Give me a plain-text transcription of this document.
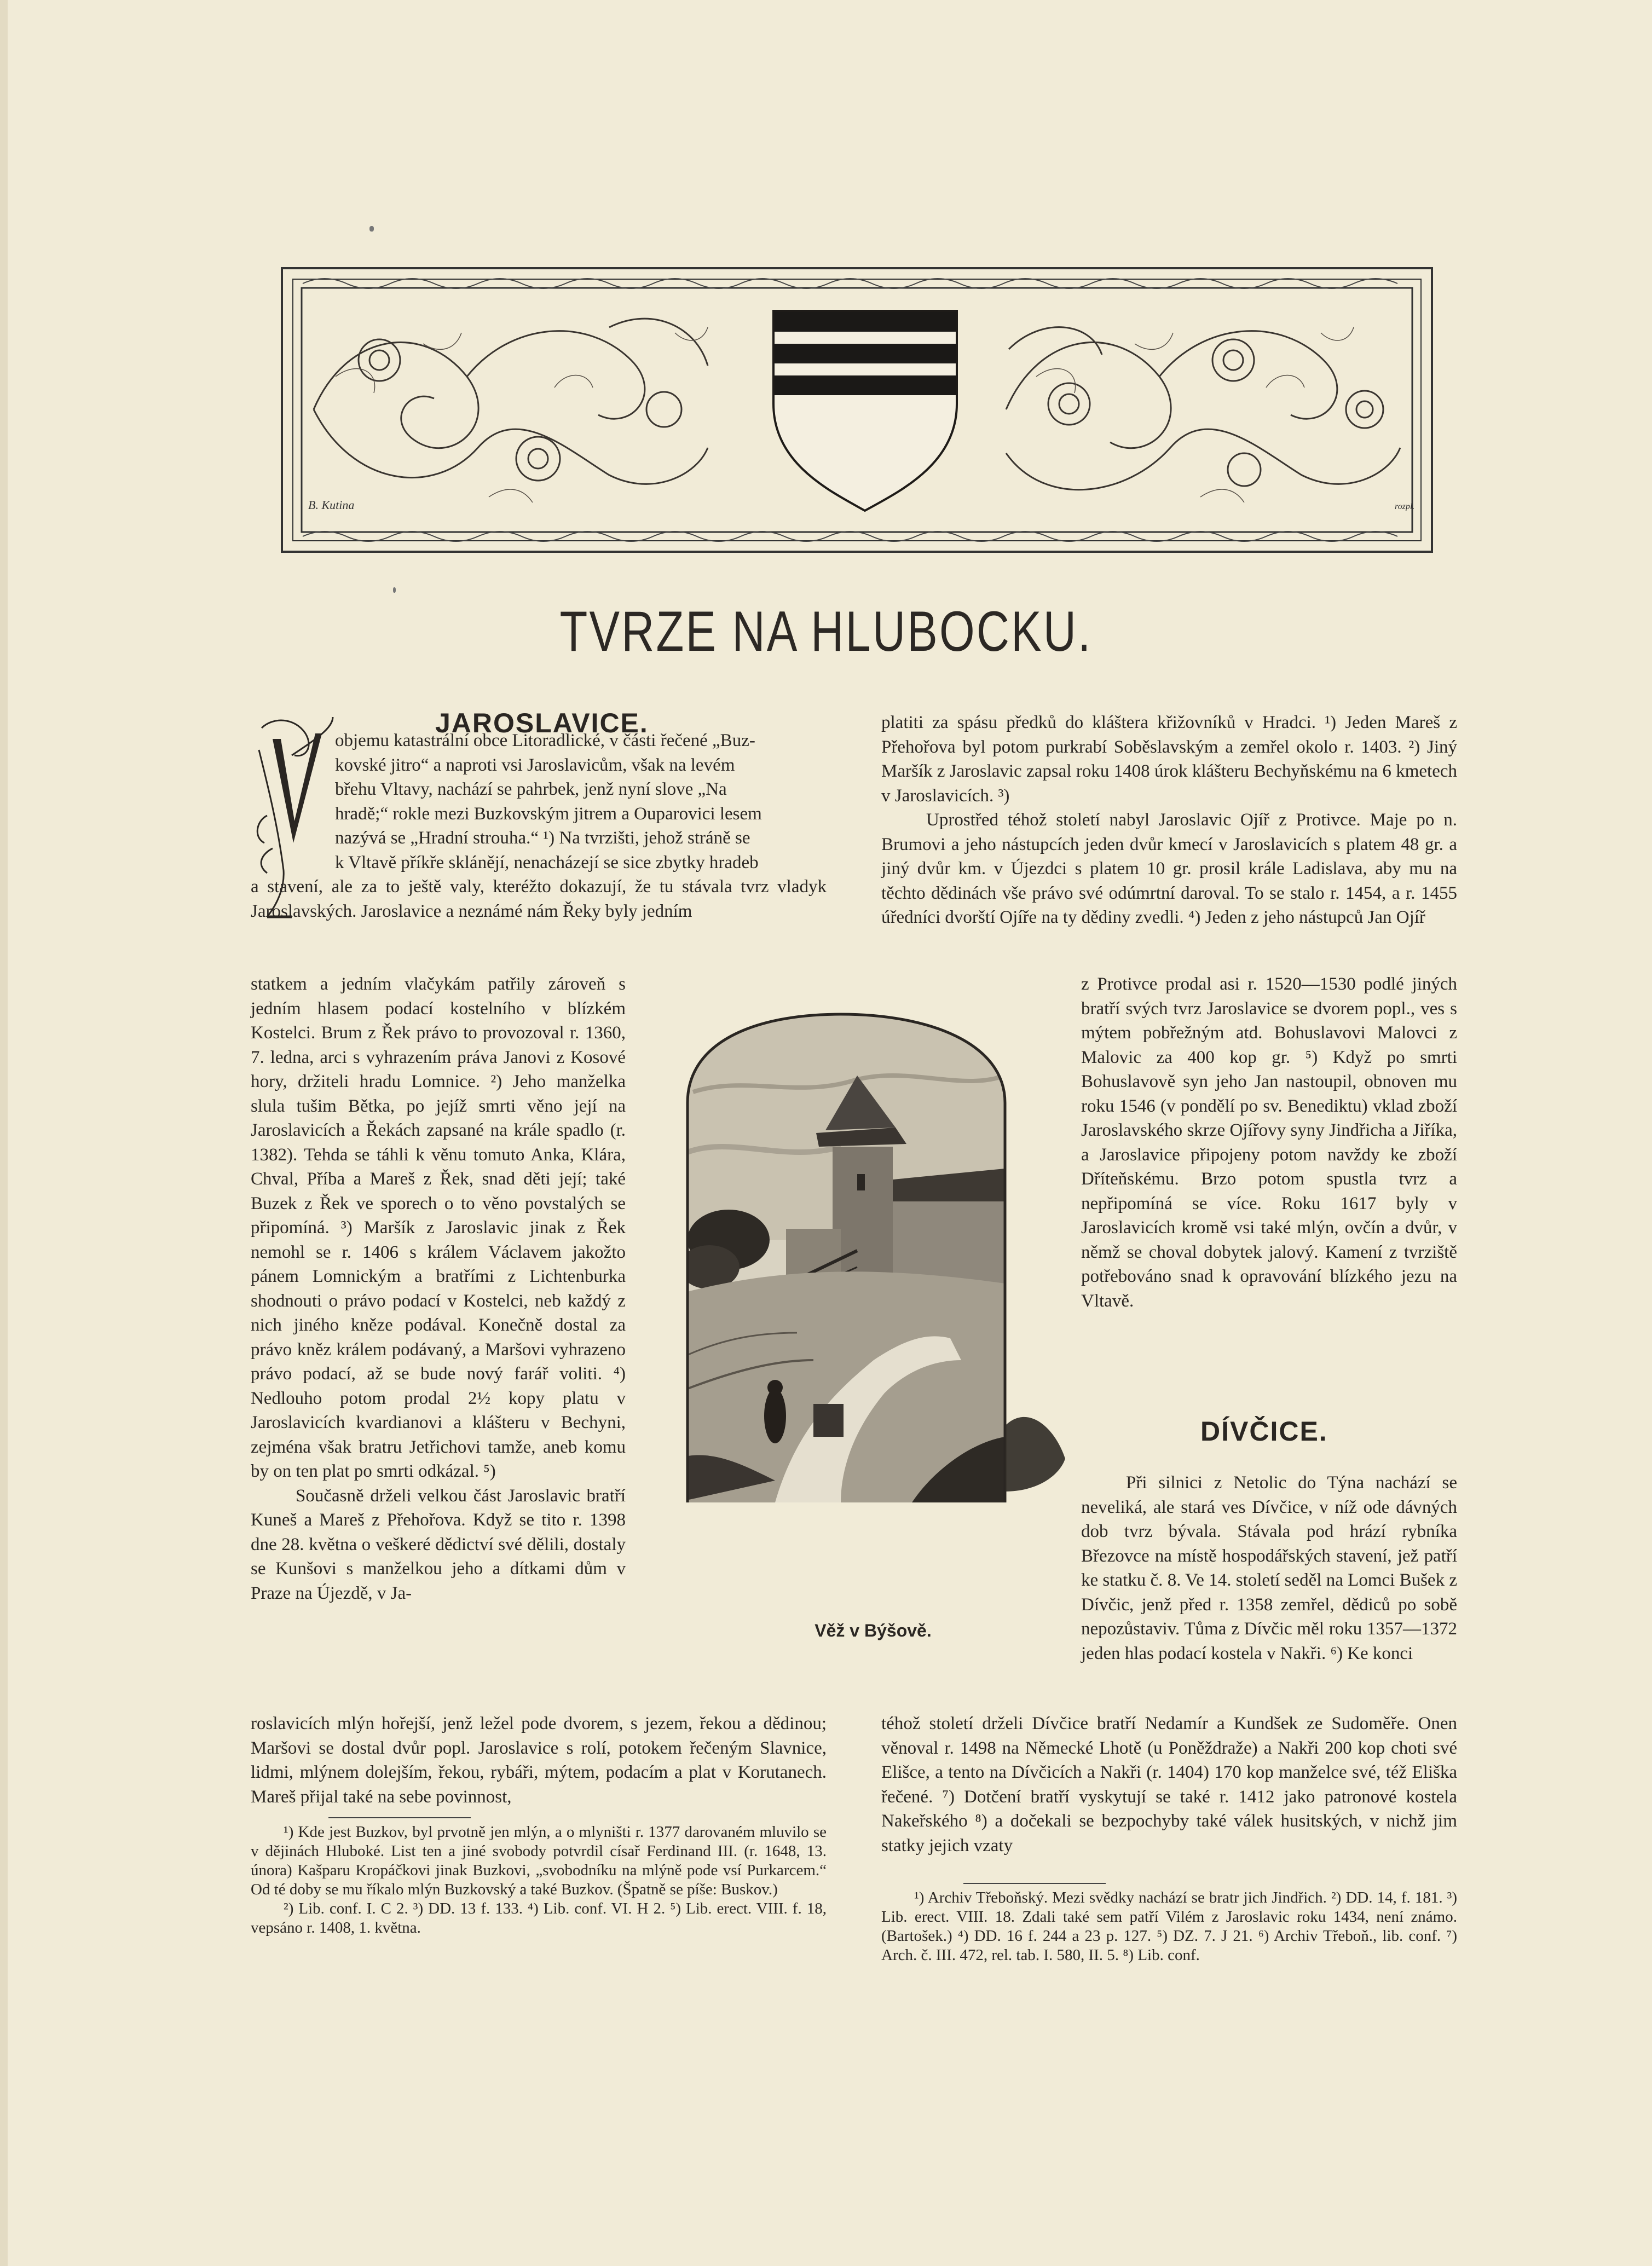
B. Kutina	rozpl.
TVRZE NA HLUBOCKU.
JAROSLAVICE.
objemu katastrální obce Litoradlické, v části řečené „Buz-
kovské jitro“ a naproti vsi Jaroslavicům, však na levém
břehu Vltavy, nachází se pahrbek, jenž nyní slove „Na
hradě;“ rokle mezi Buzkovským jitrem a Ouparovici lesem
nazývá se „Hradní strouha.“ ¹) Na tvrzišti, jehož stráně se
k Vltavě příkře sklánějí, nenacházejí se sice zbytky hradeb

a stavení, ale za to ještě valy, kteréžto dokazují, že tu stávala tvrz vladyk Jaroslavských. Jaroslavice a neznámé nám Řeky byly jedním

statkem a jedním vlačykám patřily zároveň s jedním hlasem podací kostelního v blízkém Kostelci. Brum z Řek právo to provozoval r. 1360, 7. ledna, arci s vyhrazením práva Janovi z Kosové hory, držiteli hradu Lomnice. ²) Jeho manželka slula tušim Bětka, po jejíž smrti věno její na Jaroslavicích a Řekách zapsané na krále spadlo (r. 1382). Tehda se táhli k věnu tomuto Anka, Klára, Chval, Příba a Mareš z Řek, snad děti její; také Buzek z Řek ve sporech o to věno povstalých se připomíná. ³) Maršík z Jaroslavic jinak z Řek nemohl se r. 1406 s králem Václavem jakožto pánem Lomnickým a bratřími z Lichtenburka shodnouti o právo podací v Kostelci, neb každý z nich jiného kněze podával. Konečně dostal za právo kněz králem podávaný, a Maršovi vyhrazeno právo podací, až se bude nový farář voliti. ⁴) Nedlouho potom prodal 2½ kopy platu v Jaroslavicích kvardianovi a klášteru v Bechyni, zejména však bratru Jetřichovi tamže, aneb komu by on ten plat po smrti odkázal. ⁵)

Současně drželi velkou část Jaroslavic bratří Kuneš a Mareš z Přehořova. Když se tito r. 1398 dne 28. května o veškeré dědictví své dělili, dostaly se Kunšovi s manželkou jeho a dítkami dům v Praze na Újezdě, v Ja-

roslavicích mlýn hořejší, jenž ležel pode dvorem, s jezem, řekou a dědinou; Maršovi se dostal dvůr popl. Jaroslavice s rolí, potokem řečeným Slavnice, lidmi, mlýnem dolejším, řekou, rybáři, mýtem, podacím a plat v Korutanech. Mareš přijal také na sebe povinnost,

Věž v Býšově.

¹) Kde jest Buzkov, byl prvotně jen mlýn, a o mlyništi r. 1377 darovaném mluvilo se v dějinách Hluboké. List ten a jiné svobody potvrdil císař Ferdinand III. (r. 1648, 13. února) Kašparu Kropáčkovi jinak Buzkovi, „svobodníku na mlýně pode vsí Purkarcem.“ Od té doby se mu říkalo mlýn Buzkovský a také Buzkov. (Špatně se píše: Buskov.)

²) Lib. conf. I. C 2. ³) DD. 13 f. 133. ⁴) Lib. conf. VI. H 2. ⁵) Lib. erect. VIII. f. 18, vepsáno r. 1408, 1. května.

platiti za spásu předků do kláštera křižovníků v Hradci. ¹) Jeden Mareš z Přehořova byl potom purkrabí Soběslavským a zemřel okolo r. 1403. ²) Jiný Maršík z Jaroslavic zapsal roku 1408 úrok klášteru Bechyňskému na 6 kmetech v Jaroslavicích. ³)

Uprostřed téhož století nabyl Jaroslavic Ojíř z Protivce. Maje po n. Brumovi a jeho nástupcích jeden dvůr kmecí v Jaroslavicích s platem 48 gr. a jiný dvůr km. v Újezdci s platem 10 gr. prosil krále Ladislava, aby mu na těchto dědinách vše právo své odúmrtní daroval. To se stalo r. 1454, a r. 1455 úředníci dvorští Ojíře na ty dědiny zvedli. ⁴) Jeden z jeho nástupců Jan Ojíř

z Protivce prodal asi r. 1520—1530 podlé jiných bratří svých tvrz Jaroslavice se dvorem popl., ves s mýtem pobřežným atd. Bohuslavovi Malovci z Malovic za 400 kop gr. ⁵) Když po smrti Bohuslavově syn jeho Jan nastoupil, obnoven mu roku 1546 (v pondělí po sv. Benediktu) vklad zboží Jaroslavského skrze Ojířovy syny Jindřicha a Jiříka, a Jaroslavice připojeny potom navždy ke zboží Dříteňskému. Brzo potom spustla tvrz a nepřipomíná se více. Roku 1617 byly v Jaroslavicích kromě vsi také mlýn, ovčín a dvůr, v němž se choval dobytek jalový. Kamení z tvrziště potřebováno snad k opravování blízkého jezu na Vltavě.

DÍVČICE.

Při silnici z Netolic do Týna nachází se neveliká, ale stará ves Dívčice, v níž ode dávných dob tvrz bývala. Stávala pod hrází rybníka Březovce na místě hospodářských stavení, jež patří ke statku č. 8. Ve 14. století seděl na Lomci Bušek z Dívčic, jenž před r. 1358 zemřel, dědiců po sobě nepozůstaviv. Tůma z Dívčic měl roku 1357—1372 jeden hlas podací kostela v Nakři. ⁶) Ke konci

téhož století drželi Dívčice bratří Nedamír a Kundšek ze Sudoměře. Onen věnoval r. 1498 na Německé Lhotě (u Poněždraže) a Nakři 200 kop choti své Elišce, a tento na Dívčicích a Nakři (r. 1404) 170 kop manželce své, též Eliška řečené. ⁷) Dotčení bratří vyskytují se také r. 1412 jako patronové kostela Nakeřského ⁸) a dočekali se bezpochyby také válek husitských, v nichž jim statky jejich vzaty

¹) Archiv Třeboňský. Mezi svědky nachází se bratr jich Jindřich. ²) DD. 14, f. 181. ³) Lib. erect. VIII. 18. Zdali také sem patří Vilém z Jaroslavic roku 1434, není známo. (Bartošek.) ⁴) DD. 16 f. 244 a 23 p. 127. ⁵) DZ. 7. J 21. ⁶) Archiv Třeboň., lib. conf. ⁷) Arch. č. III. 472, rel. tab. I. 580, II. 5. ⁸) Lib. conf.
